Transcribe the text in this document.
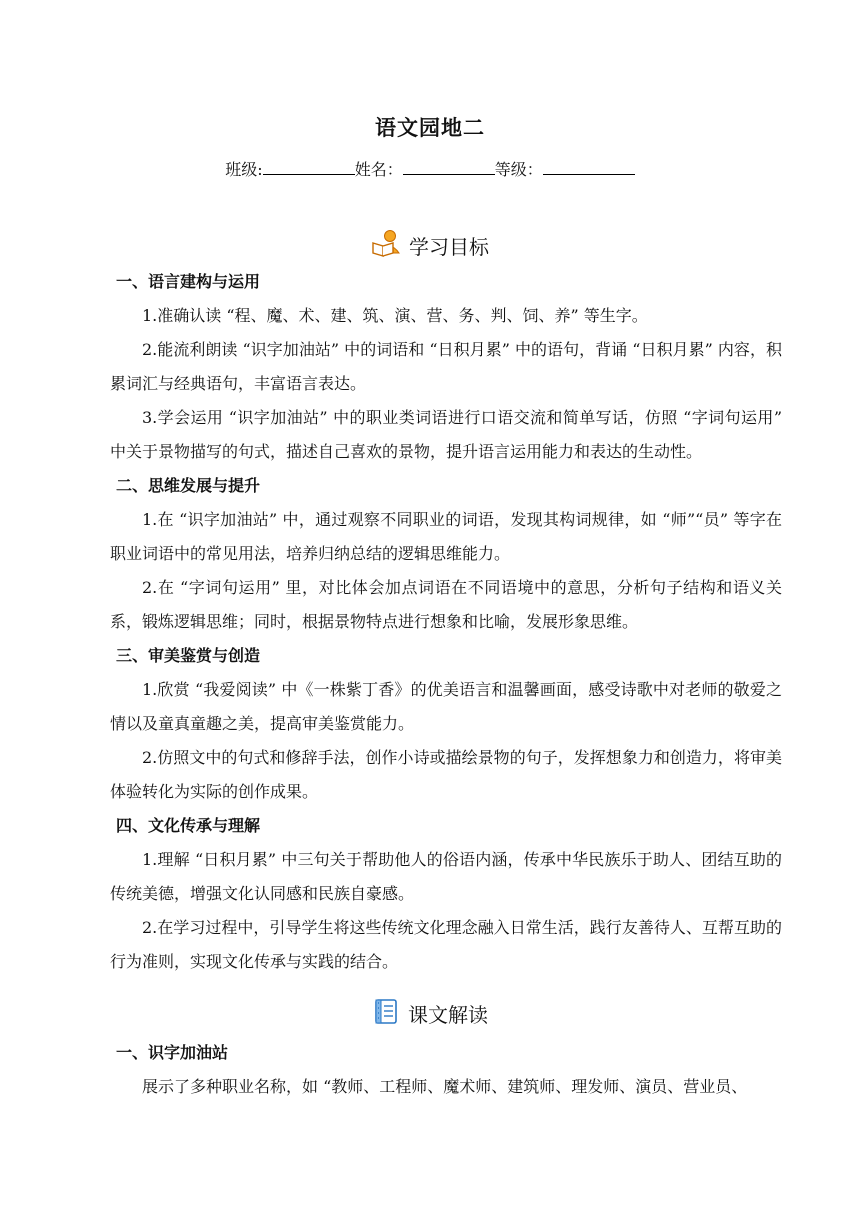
语文园地二
班级:	姓名：	等级：
学习目标
一、语言建构与运用
1.准确认读 “程、魔、术、建、筑、演、营、务、判、饲、养” 等生字。
2.能流利朗读 “识字加油站” 中的词语和 “日积月累” 中的语句，背诵 “日积月累” 内容，积累词汇与经典语句，丰富语言表达。
3.学会运用 “识字加油站” 中的职业类词语进行口语交流和简单写话，仿照 “字词句运用” 中关于景物描写的句式，描述自己喜欢的景物，提升语言运用能力和表达的生动性。
二、思维发展与提升
1.在 “识字加油站” 中，通过观察不同职业的词语，发现其构词规律，如 “师”“员” 等字在职业词语中的常见用法，培养归纳总结的逻辑思维能力。
2.在 “字词句运用” 里，对比体会加点词语在不同语境中的意思，分析句子结构和语义关系，锻炼逻辑思维；同时，根据景物特点进行想象和比喻，发展形象思维。
三、审美鉴赏与创造
1.欣赏 “我爱阅读” 中《一株紫丁香》的优美语言和温馨画面，感受诗歌中对老师的敬爱之情以及童真童趣之美，提高审美鉴赏能力。
2.仿照文中的句式和修辞手法，创作小诗或描绘景物的句子，发挥想象力和创造力，将审美体验转化为实际的创作成果。
四、文化传承与理解
1.理解 “日积月累” 中三句关于帮助他人的俗语内涵，传承中华民族乐于助人、团结互助的传统美德，增强文化认同感和民族自豪感。
2.在学习过程中，引导学生将这些传统文化理念融入日常生活，践行友善待人、互帮互助的行为准则，实现文化传承与实践的结合。
课文解读
一、识字加油站
展示了多种职业名称，如 “教师、工程师、魔术师、建筑师、理发师、演员、营业员、
